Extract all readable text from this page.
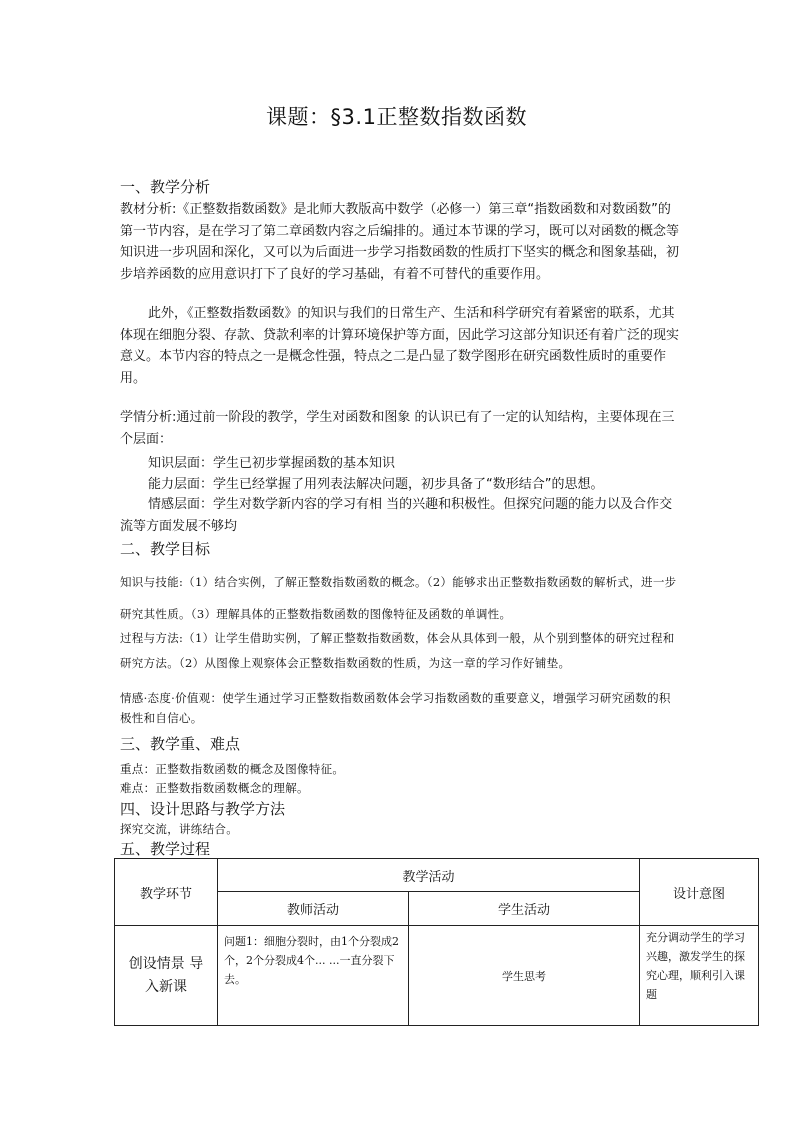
课题：§3.1正整数指数函数
一、教学分析
教材分析:《正整数指数函数》是北师大教版高中数学（必修一）第三章“指数函数和对数函数”的第一节内容，是在学习了第二章函数内容之后编排的。通过本节课的学习，既可以对函数的概念等知识进一步巩固和深化，又可以为后面进一步学习指数函数的性质打下坚实的概念和图象基础，初步培养函数的应用意识打下了良好的学习基础，有着不可替代的重要作用。
此外，《正整数指数函数》的知识与我们的日常生产、生活和科学研究有着紧密的联系，尤其体现在细胞分裂、存款、贷款利率的计算环境保护等方面，因此学习这部分知识还有着广泛的现实意义。本节内容的特点之一是概念性强，特点之二是凸显了数学图形在研究函数性质时的重要作用。
学情分析:通过前一阶段的教学，学生对函数和图象 的认识已有了一定的认知结构，主要体现在三个层面：
知识层面：学生已初步掌握函数的基本知识
能力层面：学生已经掌握了用列表法解决问题，初步具备了“数形结合”的思想。
情感层面：学生对数学新内容的学习有相 当的兴趣和积极性。但探究问题的能力以及合作交流等方面发展不够均
二、教学目标
知识与技能:（1）结合实例，了解正整数指数函数的概念。（2）能够求出正整数指数函数的解析式，进一步研究其性质。（3）理解具体的正整数指数函数的图像特征及函数的单调性。
过程与方法:（1）让学生借助实例，了解正整数指数函数，体会从具体到一般，从个别到整体的研究过程和研究方法。（2）从图像上观察体会正整数指数函数的性质，为这一章的学习作好铺垫。
情感·态度·价值观：使学生通过学习正整数指数函数体会学习指数函数的重要意义，增强学习研究函数的积极性和自信心。
三、教学重、难点
重点：正整数指数函数的概念及图像特征。
难点：正整数指数函数概念的理解。
四、设计思路与教学方法
探究交流，讲练结合。
五、教学过程
教学环节	教学活动		设计意图
	教师活动	学生活动	
创设情景 导入新课	问题1：细胞分裂时，由1个分裂成2个，2个分裂成4个... ...一直分裂下去。	学生思考	充分调动学生的学习兴趣，激发学生的探究心理，顺利引入课题
